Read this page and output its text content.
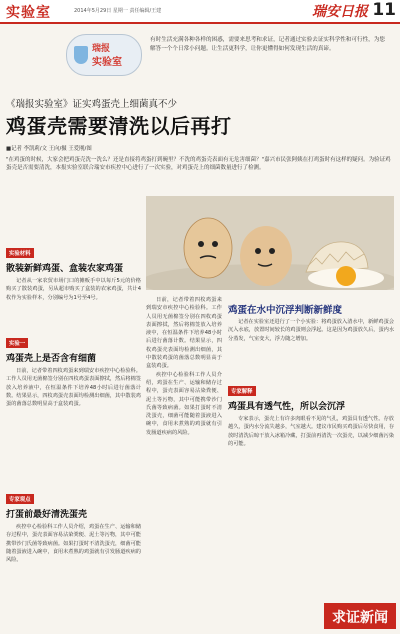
实验室	2014年5月29日 星期一 责任编辑/王建	瑞安日报 11
瑞报
实验室
有时生活充满各种各样的困惑，需要来思考和求证，记者通过实验去证实科学性和可行性，为您解答一个个日常小问题。让生活更科学，让你更懂得如何发现生活的真谛。
《瑞报实验室》证实鸡蛋壳上细菌真不少
鸡蛋壳需要清洗以后再打
■记者 李凯莉/文 王向/摄 王爱刚/图
"在鸡蛋的时候，大家会把鸡蛋壳洗一洗么？还是直接将鸡蛋打到碗里？不洗的鸡蛋壳表面有无危害细菌？"嘉兴市民张阿姨在打鸡蛋时有这样的疑问。为验证鸡蛋壳是否需要清洗，本报实验室联合瑞安市疾控中心进行了一次实验，对鸡蛋壳上的细菌数量进行了检测。
实验材料
散装新鲜鸡蛋、盒装农家鸡蛋

记者从一家农贸市场门口的摊贩手中以每斤5元的价格购买了散装鸡蛋，另从超市购买了盒装的农家鸡蛋，共计4枚作为实验样本，分别编号为1号至4号。

实验一
鸡蛋壳上是否含有细菌

日前，记者带着四枚鸡蛋来到瑞安市疾控中心检验科。工作人员用无菌棉签分别在四枚鸡蛋表面擦拭，然后将棉签放入培养液中，在恒温条件下培养48小时后进行菌落计数。结果显示，四枚鸡蛋壳表面均检测出细菌，其中散装鸡蛋的菌落总数明显高于盒装鸡蛋。

专家观点
打蛋前最好清洗蛋壳

疾控中心检验科工作人员介绍，鸡蛋在生产、运输和储存过程中，蛋壳表面容易沾染粪便、泥土等污物，其中可能携带沙门氏菌等致病菌。如果打蛋时不清洗蛋壳，细菌可能随着蛋液进入碗中，食用未煮熟的鸡蛋就有引发肠道疾病的风险。

日前，记者带着四枚鸡蛋来到瑞安市疾控中心检验科。工作人员用无菌棉签分别在四枚鸡蛋表面擦拭，然后将棉签放入培养液中，在恒温条件下培养48小时后进行菌落计数。结果显示，四枚鸡蛋壳表面均检测出细菌，其中散装鸡蛋的菌落总数明显高于盒装鸡蛋。

疾控中心检验科工作人员介绍，鸡蛋在生产、运输和储存过程中，蛋壳表面容易沾染粪便、泥土等污物，其中可能携带沙门氏菌等致病菌。如果打蛋时不清洗蛋壳，细菌可能随着蛋液进入碗中，食用未煮熟的鸡蛋就有引发肠道疾病的风险。

鸡蛋在水中沉浮判断新鲜度

记者在实验室还进行了一个小实验：将鸡蛋放入清水中，新鲜鸡蛋会沉入水底，放置时间较长的鸡蛋则会浮起。这是因为鸡蛋放久后，蛋内水分蒸发，气室变大，浮力随之增加。

专家解释
鸡蛋具有透气性，所以会沉浮

专家表示，蛋壳上有许多肉眼看不见的气孔，鸡蛋具有透气性。存放越久，蛋内水分流失越多，气室越大。建议市民购买鸡蛋后尽快食用，存放时清洗后晾干放入冰箱冷藏，打蛋前再清洗一次蛋壳，以减少细菌污染的可能。

求证新闻
